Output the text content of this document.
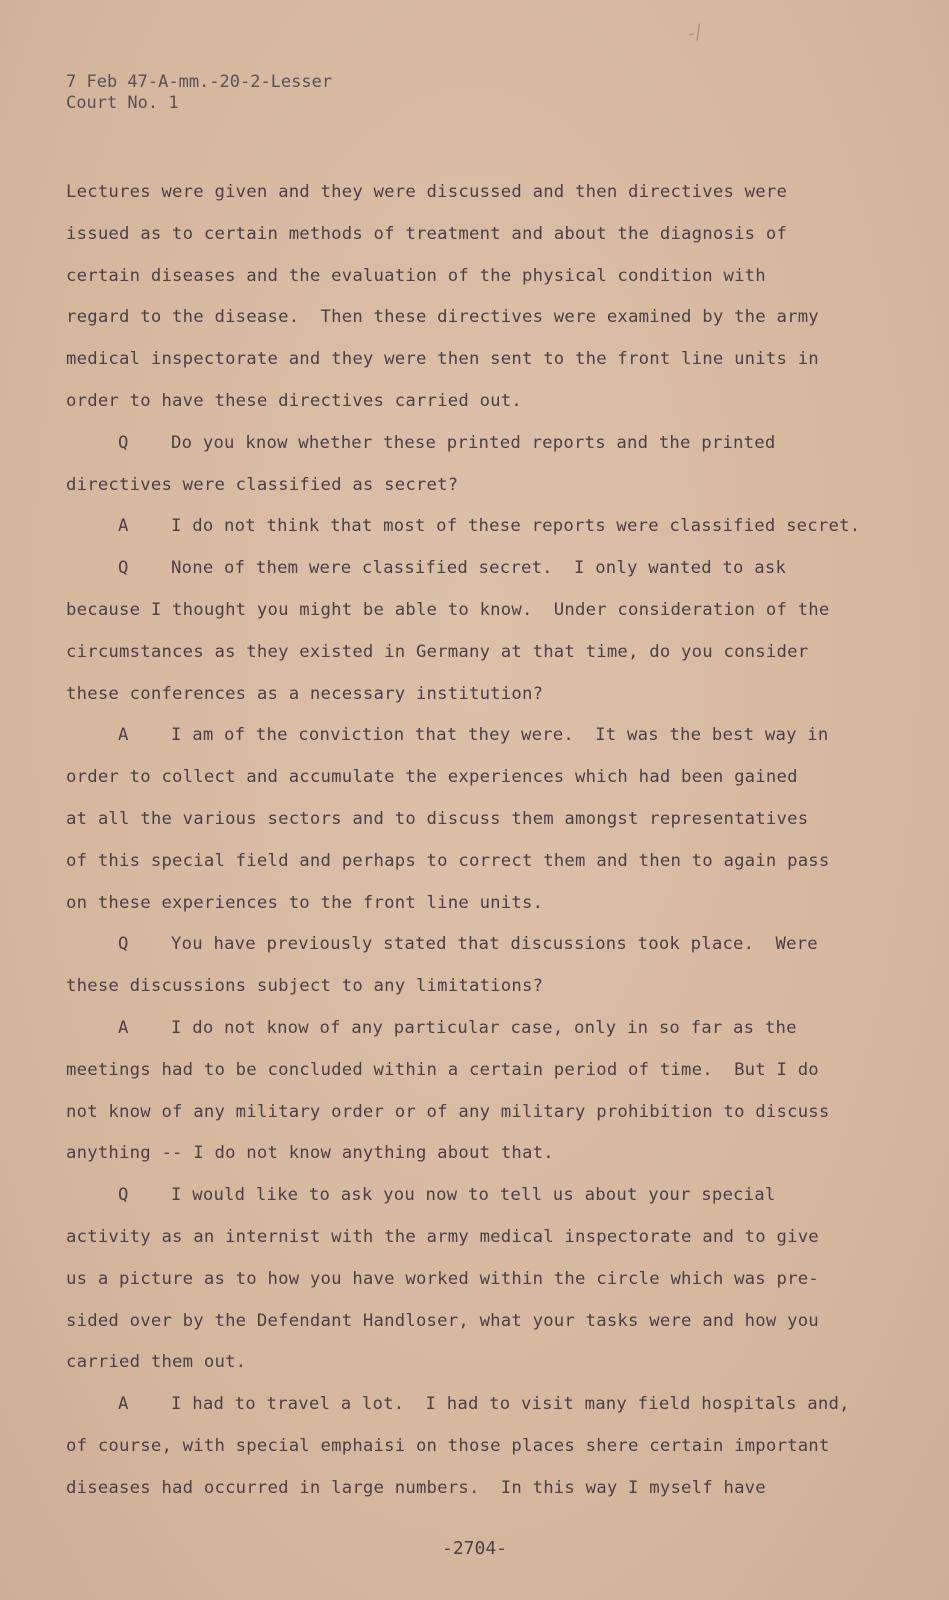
-/
7 Feb 47-A-mm.-20-2-Lesser
Court No. 1
Lectures were given and they were discussed and then directives were
issued as to certain methods of treatment and about the diagnosis of
certain diseases and the evaluation of the physical condition with
regard to the disease.  Then these directives were examined by the army
medical inspectorate and they were then sent to the front line units in
order to have these directives carried out.
Q    Do you know whether these printed reports and the printed
directives were classified as secret?
A    I do not think that most of these reports were classified secret.
Q    None of them were classified secret.  I only wanted to ask
because I thought you might be able to know.  Under consideration of the
circumstances as they existed in Germany at that time, do you consider
these conferences as a necessary institution?
A    I am of the conviction that they were.  It was the best way in
order to collect and accumulate the experiences which had been gained
at all the various sectors and to discuss them amongst representatives
of this special field and perhaps to correct them and then to again pass
on these experiences to the front line units.
Q    You have previously stated that discussions took place.  Were
these discussions subject to any limitations?
A    I do not know of any particular case, only in so far as the
meetings had to be concluded within a certain period of time.  But I do
not know of any military order or of any military prohibition to discuss
anything -- I do not know anything about that.
Q    I would like to ask you now to tell us about your special
activity as an internist with the army medical inspectorate and to give
us a picture as to how you have worked within the circle which was pre-
sided over by the Defendant Handloser, what your tasks were and how you
carried them out.
A    I had to travel a lot.  I had to visit many field hospitals and,
of course, with special emphaisi on those places shere certain important
diseases had occurred in large numbers.  In this way I myself have
-2704-
